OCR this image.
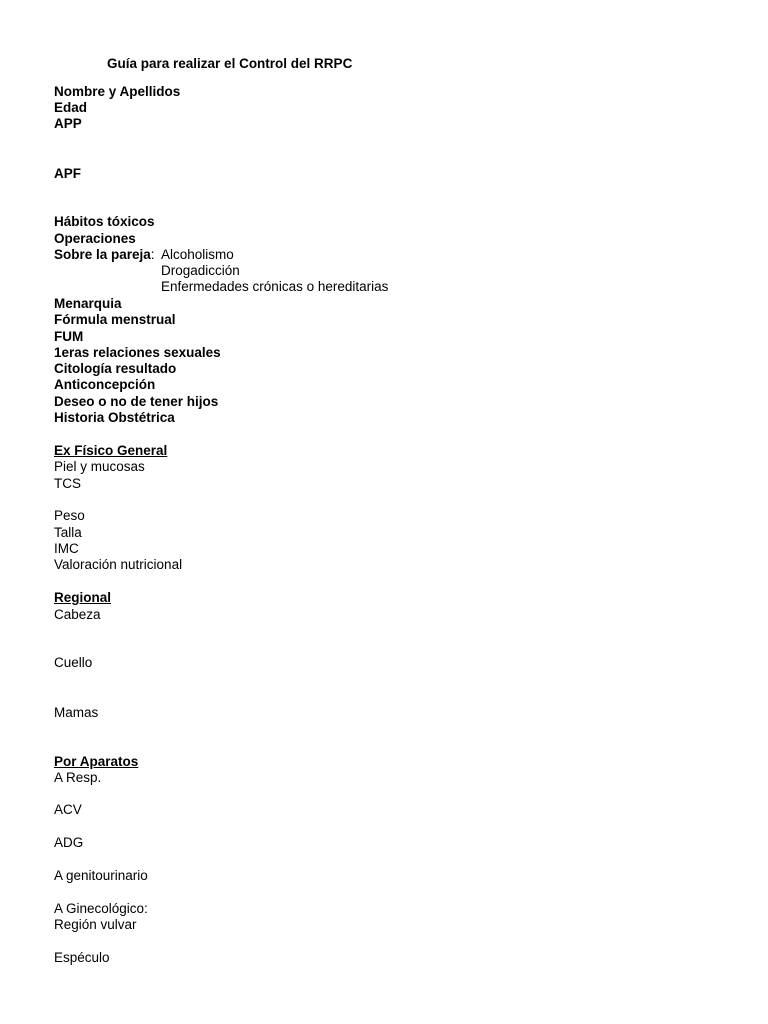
Guía para realizar el Control del RRPC
Nombre y Apellidos
Edad
APP
APF
Hábitos tóxicos
Operaciones
Sobre la pareja: Alcoholismo
Drogadicción
Enfermedades crónicas o hereditarias
Menarquia
Fórmula menstrual
FUM
1eras relaciones sexuales
Citología resultado
Anticoncepción
Deseo o no de tener hijos
Historia Obstétrica
Ex Físico General
Piel y mucosas
TCS
Peso
Talla
IMC
Valoración nutricional
Regional
Cabeza
Cuello
Mamas
Por Aparatos
A Resp.
ACV
ADG
A genitourinario
A Ginecológico:
Región vulvar
Espéculo
